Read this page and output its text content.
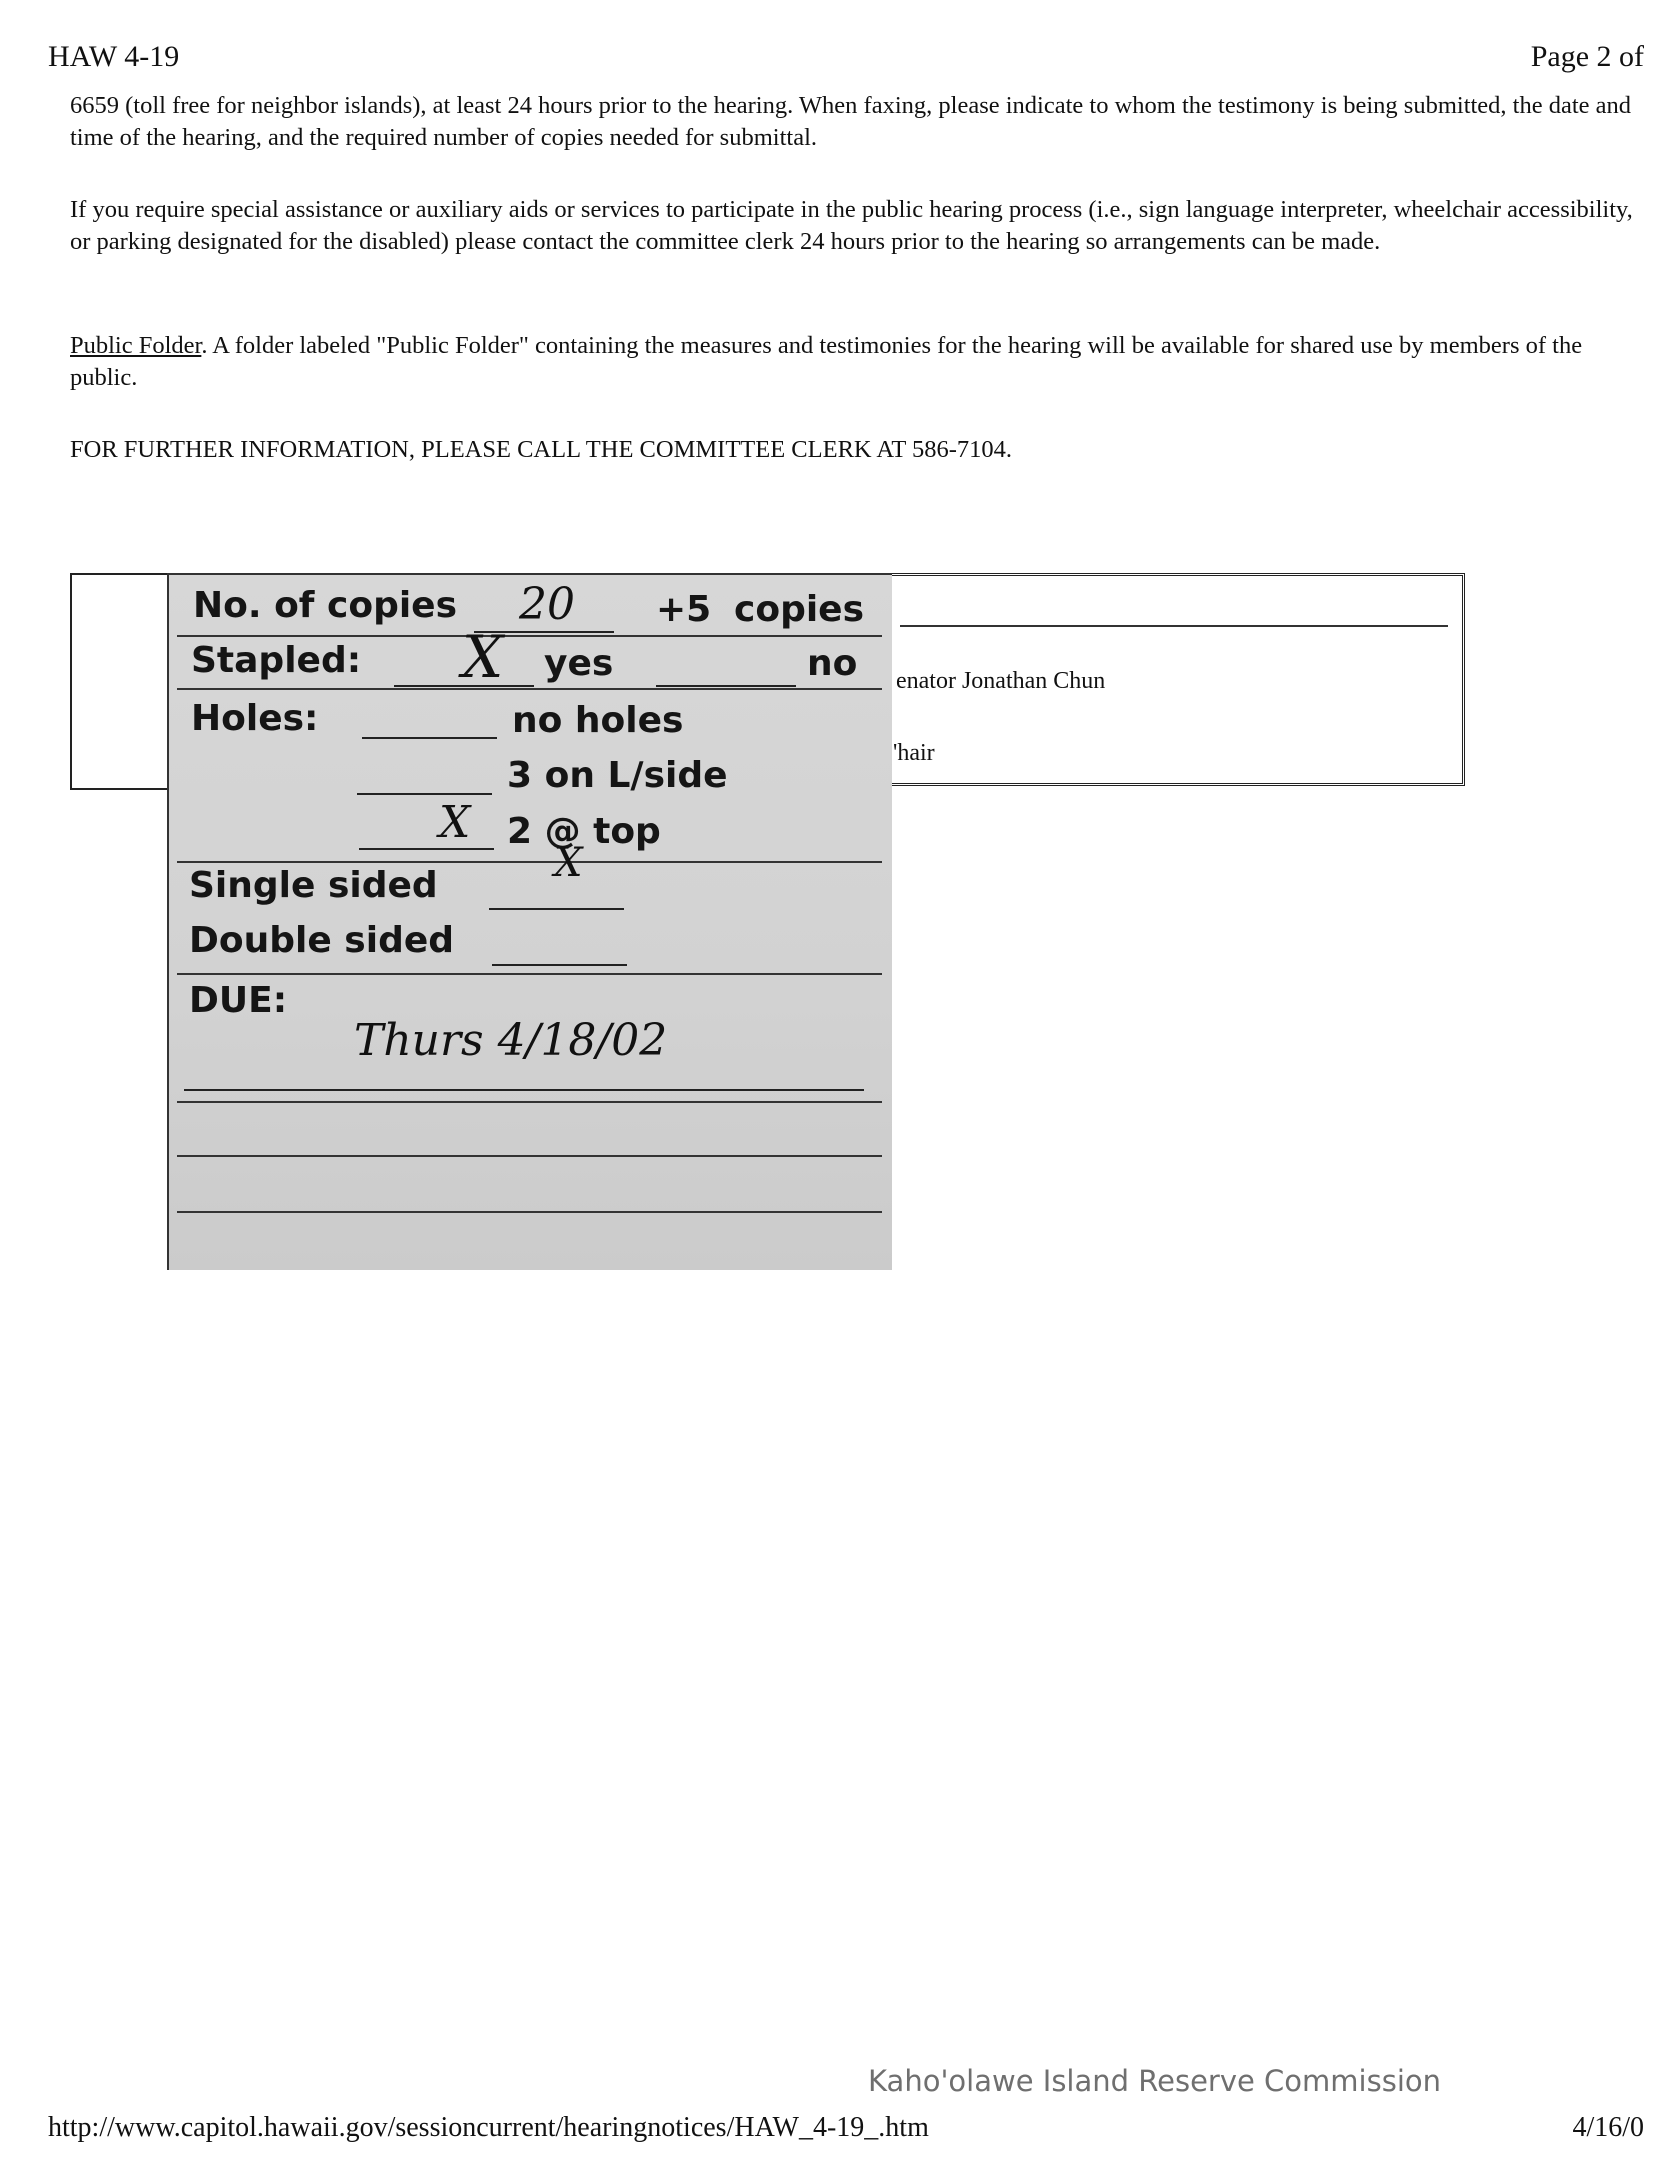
HAW 4-19	Page 2 of
6659 (toll free for neighbor islands), at least 24 hours prior to the hearing. When faxing, please indicate to whom the testimony is being submitted, the date and time of the hearing, and the required number of copies needed for submittal.
If you require special assistance or auxiliary aids or services to participate in the public hearing process (i.e., sign language interpreter, wheelchair accessibility, or parking designated for the disabled) please contact the committee clerk 24 hours prior to the hearing so arrangements can be made.
Public Folder. A folder labeled "Public Folder" containing the measures and testimonies for the hearing will be available for shared use by members of the public.
FOR FURTHER INFORMATION, PLEASE CALL THE COMMITTEE CLERK AT 586-7104.
enator Jonathan Chun
'hair
No. of copies 20 +5 copies
Stapled: X yes	no
Holes:	no holes
3 on L/side
X 2 @ top
Single sided	X
Double sided
DUE:
Thurs 4/18/02
Kaho'olawe Island Reserve Commission
http://www.capitol.hawaii.gov/sessioncurrent/hearingnotices/HAW_4-19_.htm	4/16/0
